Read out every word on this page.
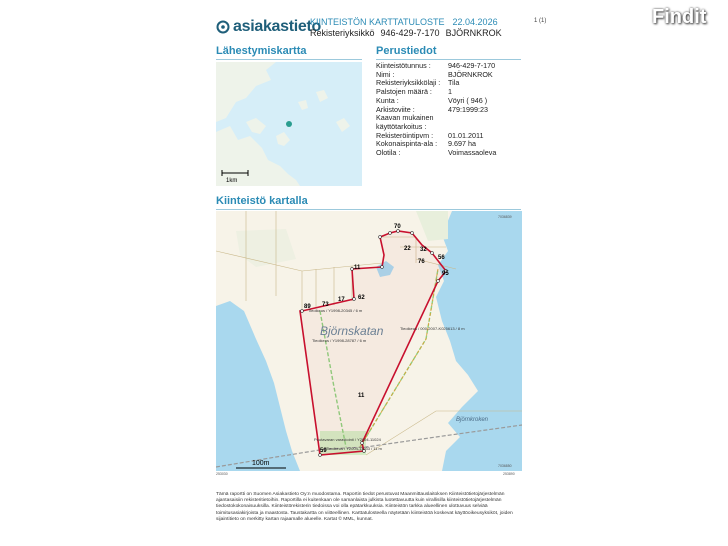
asiakastieto
KIINTEISTÖN KARTTATULOSTE 22.04.2026
Rekisteriyksikkö 946-429-7-170 BJÖRNKROK
1 (1)	Findit
Lähestymiskartta
1km
Perustiedot
Kiinteistötunnus :	946-429-7-170
Nimi :	BJÖRNKROK
Rekisteriyksikkölaji :	Tila
Palstojen määrä :	1
Kunta :	Vöyri ( 946 )
Arkistoviite :	479:1999:23
Kaavan mukainen
käyttötarkoitus :
Rekisteröintipvm :	01.01.2011
Kokonaispinta-ala :	9.697 ha
Olotila :	Voimassaoleva
Kiinteistö kartalla
70
22 32
76
56
95
11
89 73
17 62
11
59
Björnskatan
Björnkroken
Tieoikeus / Y1998-20345 / 6 m
Tieoikeus / Y1998-28787 / 6 m
Tieoikeus / 000-2007-K025613 / 8 m
Puutavaran varastointi / Y2004-11024
Tieoikeus / Y2004-11033 / 11 m
7036839
7036850
100m
253030	253890
Tämä raportti on Suomen Asiakastieto Oy:n muodostama. Raportin tiedot perustuvat Maanmittauslaitoksen Kiinteistötietojärjestelmän ajantasaisiin rekisteritietoihin. Raportilla ei kuitenkaan ole samanlaista julkista luotettavuutta kuin virallisilla kiinteistötietojärjestelmän tiedostokokonaisuuksilla. Kiinteistörekisterin tiedoissa voi olla epätarkkuuksia. Kiinteistön tarkka alueellinen ulottuvuus selviää toimitusasiakirjoista ja maastosta. Taustakartta on viitteellinen. Karttatulosteella näytetään kiinteistöä koskevat käyttöoikeusyksiköt, joiden sijaintitieto on merkitty kartan rajaamalle alueelle. Kartat © MML, kunnat.
